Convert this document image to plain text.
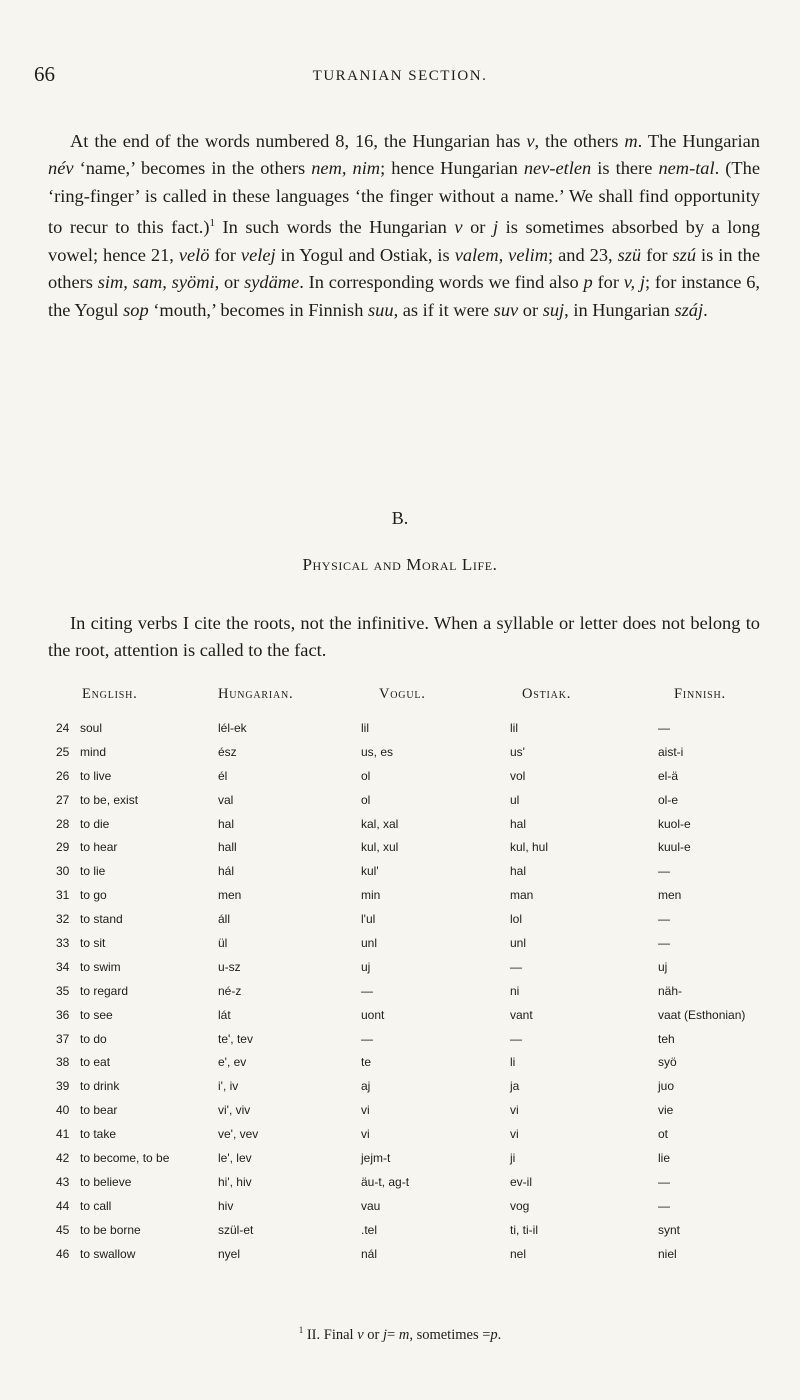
66	TURANIAN SECTION.

At the end of the words numbered 8, 16, the Hungarian has v, the others m. The Hungarian név ‘name,’ becomes in the others nem, nim; hence Hungarian nev-etlen is there nem-tal. (The ‘ring-finger’ is called in these languages ‘the finger without a name.’ We shall find opportunity to recur to this fact.)$^1$ In such words the Hungarian v or j is sometimes absorbed by a long vowel; hence 21, velö for velej in Yogul and Ostiak, is valem, velim; and 23, szü for szú is in the others sim, sam, syömi, or sydäme. In corresponding words we find also p for v, j; for instance 6, the Yogul sop ‘mouth,’ becomes in Finnish suu, as if it were suv or suj, in Hungarian száj.

B.
Physical and Moral Life.

In citing verbs I cite the roots, not the infinitive. When a syllable or letter does not belong to the root, attention is called to the fact.

English.	Hungarian.	Vogul.	Ostiak.	Finnish.
24 soul	lél-ek	lil	lil	—
25 mind	ész	us, es	us'	aist-i
26 to live	él	ol	vol	el-ä
27 to be, exist	val	ol	ul	ol-e
28 to die	hal	kal, xal	hal	kuol-e
29 to hear	hall	kul, xul	kul, hul	kuul-e
30 to lie	hál	kul'	hal	—
31 to go	men	min	man	men
32 to stand	áll	l'ul	lol	—
33 to sit	ül	unl	unl	—
34 to swim	u-sz	uj	—	uj
35 to regard	né-z	—	ni	näh-
36 to see	lát	uont	vant	vaat (Esthonian)
37 to do	te', tev	—	—	teh
38 to eat	e', ev	te	li	syö
39 to drink	i', iv	aj	ja	juo
40 to bear	vi', viv	vi	vi	vie
41 to take	ve', vev	vi	vi	ot
42 to become, to be	le', lev	jejm-t	ji	lie
43 to believe	hi', hiv	äu-t, ag-t	ev-il	—
44 to call	hiv	vau	vog	—
45 to be borne	szül-et	.tel	ti, ti-il	synt
46 to swallow	nyel	nál	nel	niel
$^1$ II. Final v or j= m, sometimes =p.
